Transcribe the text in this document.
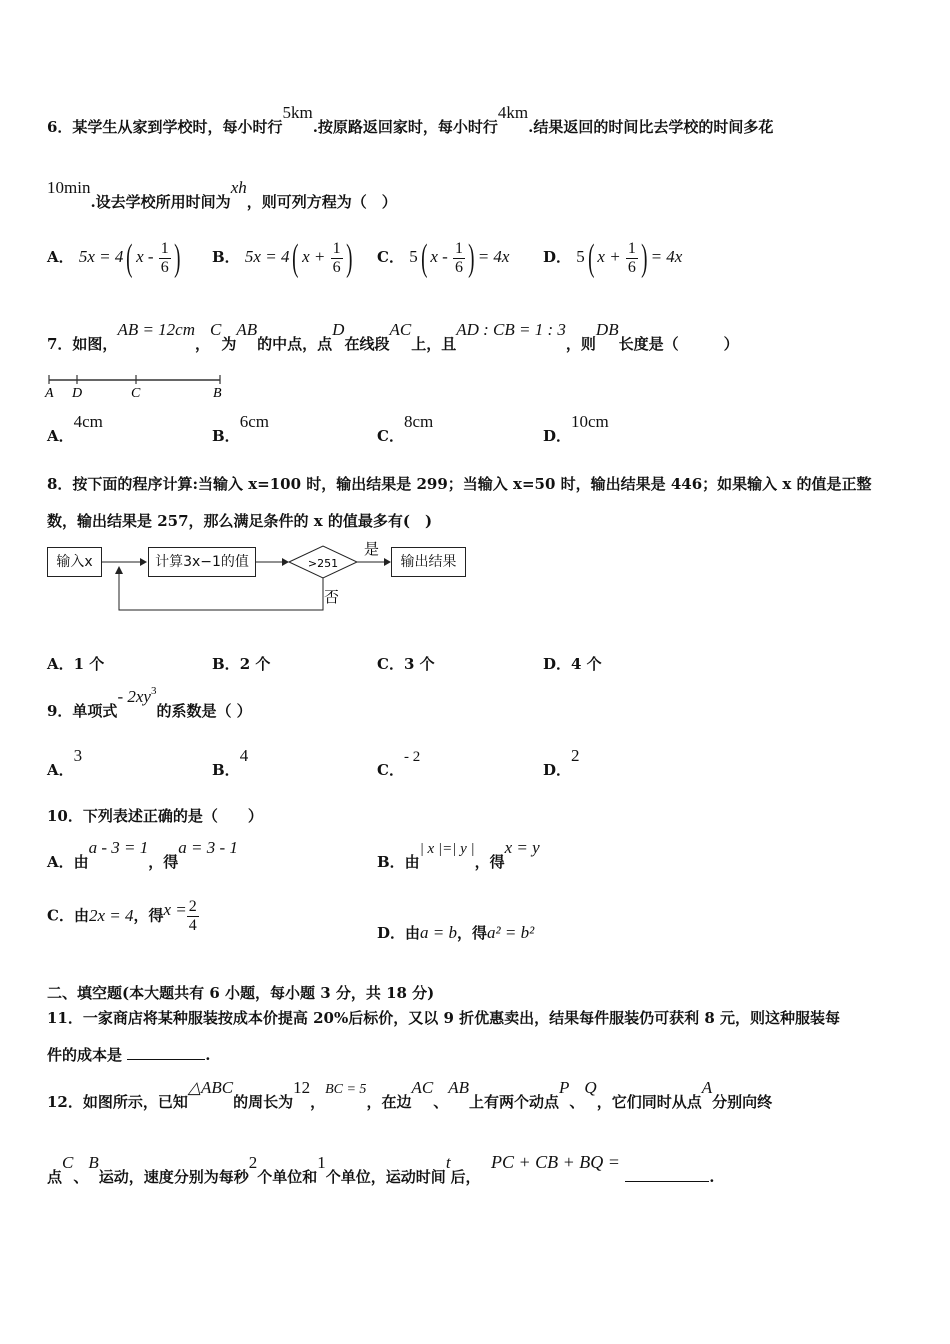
6．某学生从家到学校时，每小时行5km.按原路返回家时，每小时行4km.结果返回的时间比去学校的时间多花
10min.设去学校所用时间为xh，则可列方程为（　）
A． 5x = 4( x - $\frac{1}{6}$ ) B． 5x = 4( $x + \frac{1}{6}$ ) C． 5( x - $\frac{1}{6}$ ) = 4x D． 5( $x + \frac{1}{6}$ ) = 4x
7．如图，AB = 12cm，C为AB的中点，点D在线段AC上，且AD : CB = 1 : 3，则DB长度是（　　　）
A D	C	B
A．4cm
B．6cm
C．8cm
D．10cm
8．按下面的程序计算:当输入 x=100 时，输出结果是 299；当输入 x=50 时，输出结果是 446；如果输入 x 的值是正整
数，输出结果是 257，那么满足条件的 x 的值最多有(　)
输入x	计算3x−1的值	输出结果
>251
是
否
A．1 个	B．2 个	C．3 个	D．4 个
9．单项式- $2xy^3$的系数是（ ）
A．3
B．4
C．- 2
D．2
10．下列表述正确的是（　　）
A．由a - 3 = 1，得a = 3 - 1
B．由| x |=| y |，得x = y
C．由2x = 4，得$x = \frac{2}{4}$	D．由a = b，得a² = b²
二、填空题(本大题共有 6 小题，每小题 3 分，共 18 分)
11．一家商店将某种服装按成本价提高 20%后标价，又以 9 折优惠卖出，结果每件服装仍可获利 8 元，则这种服装每
件的成本是	.
12．如图所示，已知△ABC的周长为12，BC = 5，在边AC、AB上有两个动点P、Q，它们同时从点A分别向终
点C、B运动，速度分别为每秒2个单位和1个单位，运动时间t后，  PC + CB + BQ = .
